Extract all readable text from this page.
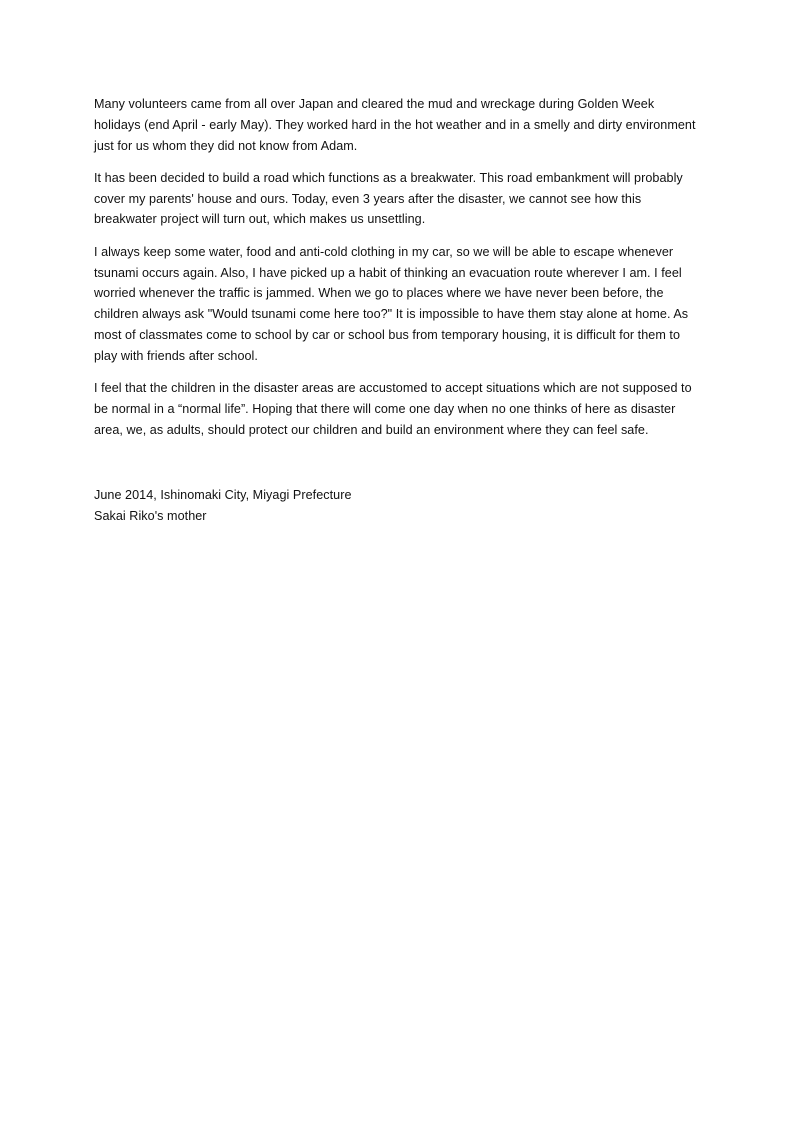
Many volunteers came from all over Japan and cleared the mud and wreckage during Golden Week holidays (end April - early May). They worked hard in the hot weather and in a smelly and dirty environment just for us whom they did not know from Adam.

It has been decided to build a road which functions as a breakwater. This road embankment will probably cover my parents' house and ours. Today, even 3 years after the disaster, we cannot see how this breakwater project will turn out, which makes us unsettling.

I always keep some water, food and anti-cold clothing in my car, so we will be able to escape whenever tsunami occurs again. Also, I have picked up a habit of thinking an evacuation route wherever I am. I feel worried whenever the traffic is jammed. When we go to places where we have never been before, the children always ask "Would tsunami come here too?" It is impossible to have them stay alone at home. As most of classmates come to school by car or school bus from temporary housing, it is difficult for them to play with friends after school.

I feel that the children in the disaster areas are accustomed to accept situations which are not supposed to be normal in a “normal life”. Hoping that there will come one day when no one thinks of here as disaster area, we, as adults, should protect our children and build an environment where they can feel safe.

June 2014, Ishinomaki City, Miyagi Prefecture
Sakai Riko's mother
